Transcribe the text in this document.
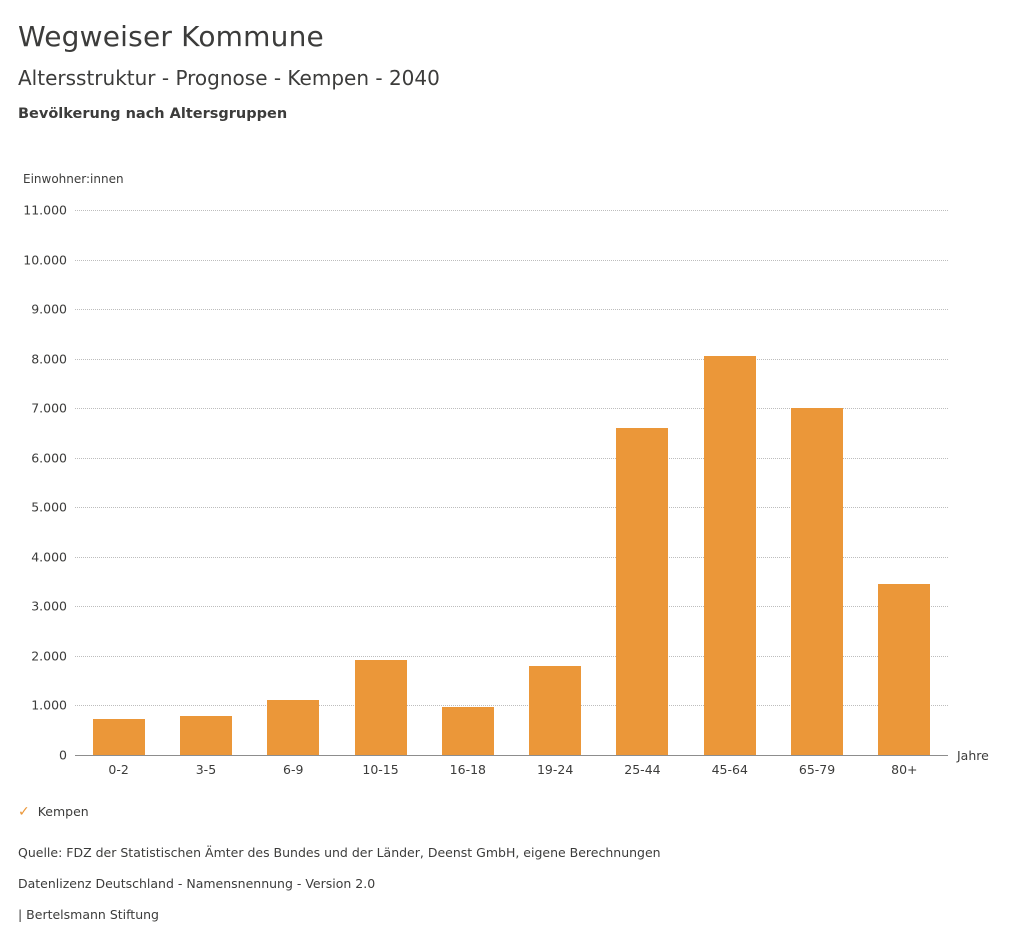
Wegweiser Kommune
Altersstruktur - Prognose - Kempen - 2040
Bevölkerung nach Altersgruppen
Einwohner:innen
Jahre
✓ Kempen
Quelle: FDZ der Statistischen Ämter des Bundes und der Länder, Deenst GmbH, eigene Berechnungen
Datenlizenz Deutschland - Namensnennung - Version 2.0
| Bertelsmann Stiftung
0
1.000
2.000
3.000
4.000
5.000
6.000
7.000
8.000
9.000
10.000
11.000
0-2	3-5	6-9	10-15	16-18	19-24	25-44	45-64	65-79	80+
